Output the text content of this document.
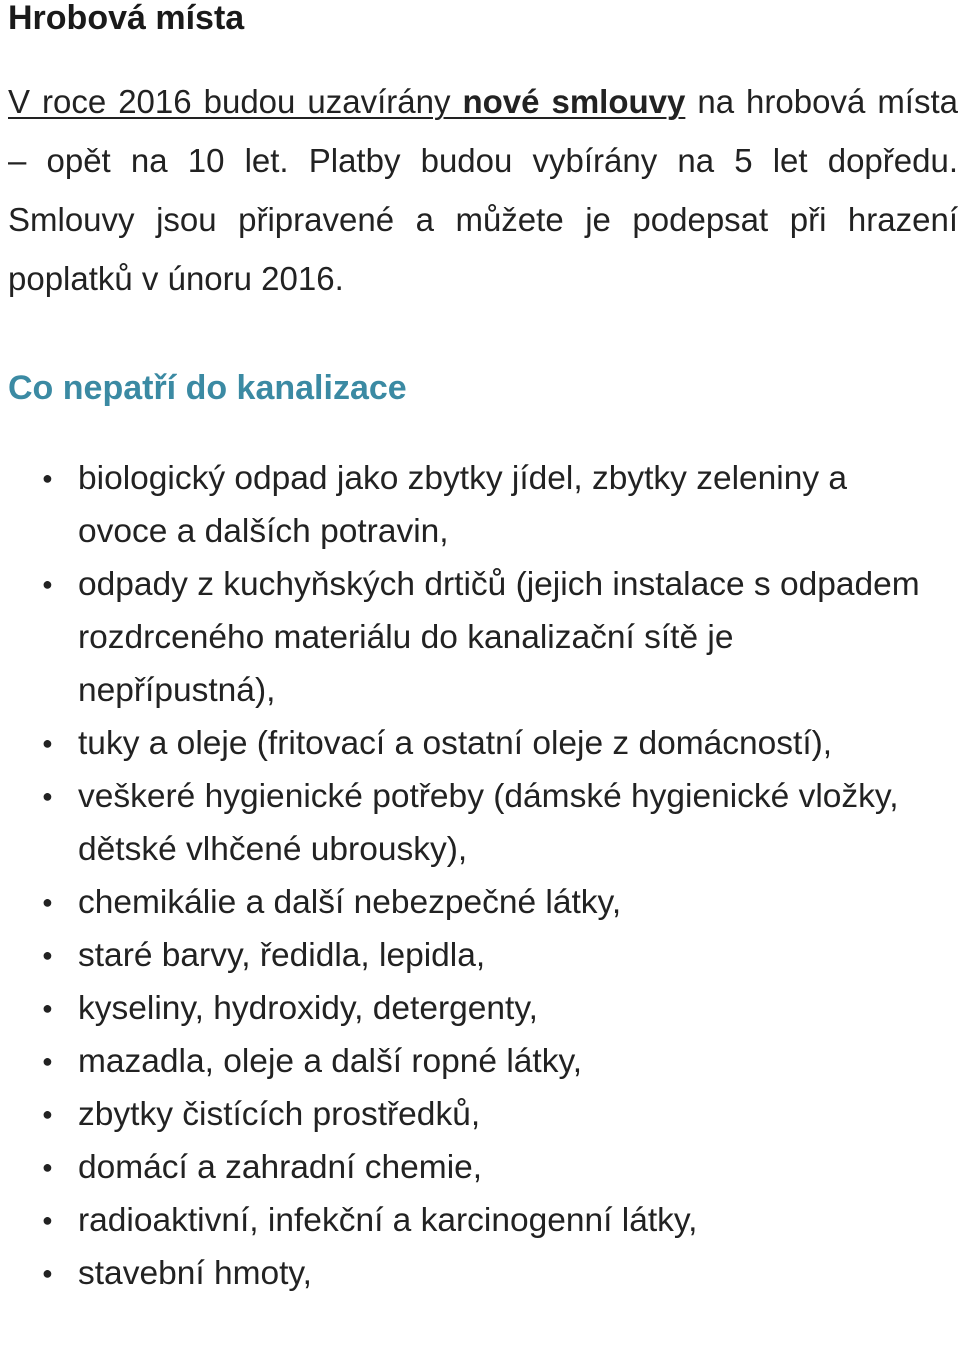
Hrobová místa

V roce 2016 budou uzavírány nové smlouvy na hrobová místa – opět na 10 let. Platby budou vybírány na 5 let dopředu. Smlouvy jsou připravené a můžete je podepsat při hrazení poplatků v únoru 2016.

Co nepatří do kanalizace
● biologický odpad jako zbytky jídel, zbytky zeleniny a ovoce a dalších potravin,
● odpady z kuchyňských drtičů (jejich instalace s odpadem rozdrceného materiálu do kanalizační sítě je nepřípustná),
● tuky a oleje (fritovací a ostatní oleje z domácností),
● veškeré hygienické potřeby (dámské hygienické vložky, dětské vlhčené ubrousky),
● chemikálie a další nebezpečné látky,
● staré barvy, ředidla, lepidla,
● kyseliny, hydroxidy, detergenty,
● mazadla, oleje a další ropné látky,
● zbytky čistících prostředků,
● domácí a zahradní chemie,
● radioaktivní, infekční a karcinogenní látky,
● stavební hmoty,
